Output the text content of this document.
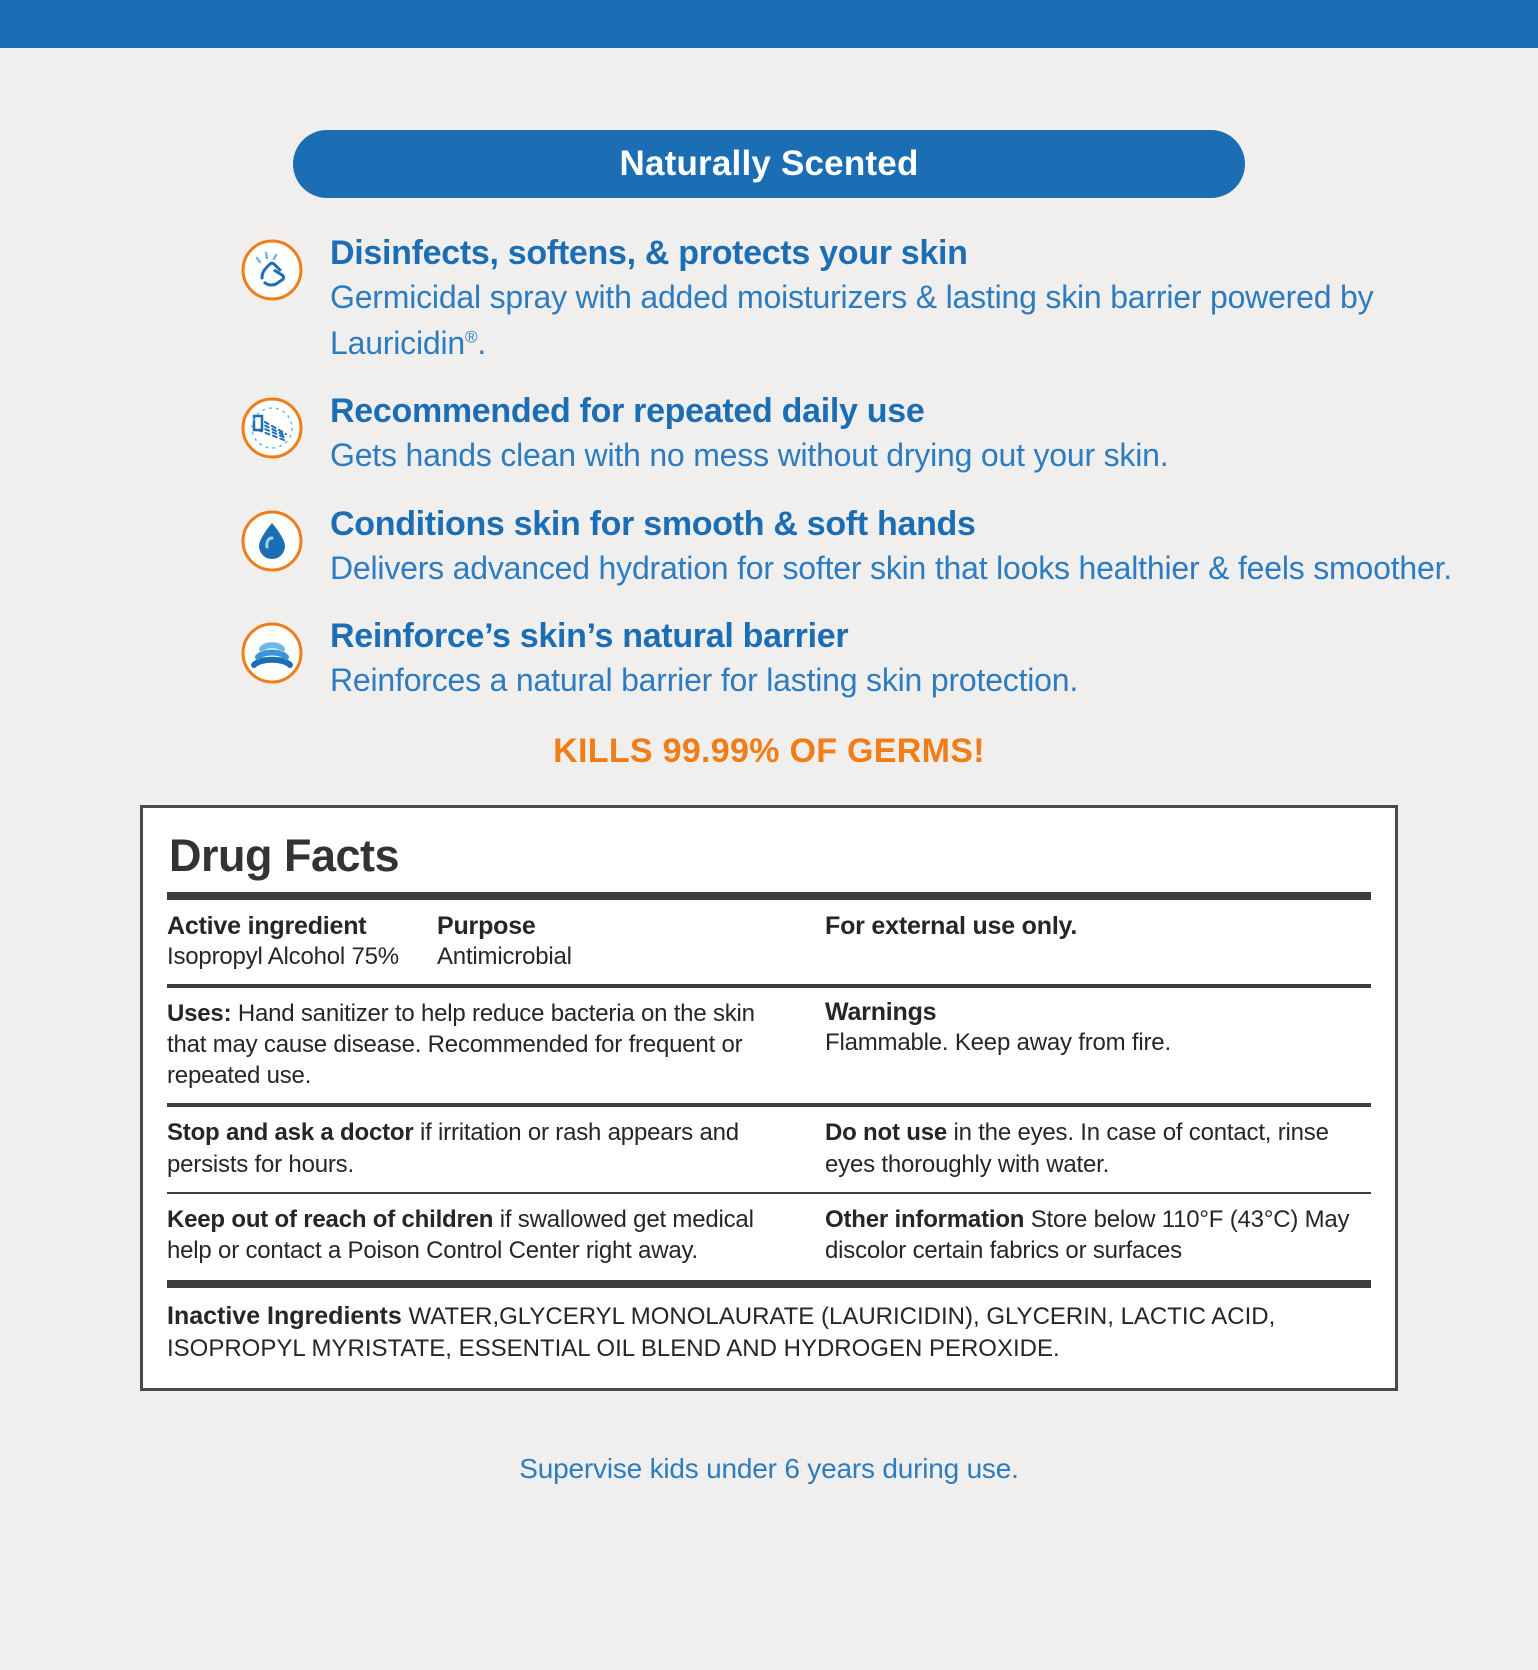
Naturally Scented
Disinfects, softens, & protects your skin

Germicidal spray with added moisturizers & lasting skin barrier powered by Lauricidin®.

Recommended for repeated daily use

Gets hands clean with no mess without drying out your skin.

Conditions skin for smooth & soft hands

Delivers advanced hydration for softer skin that looks healthier & feels smoother.

Reinforce’s skin’s natural barrier

Reinforces a natural barrier for lasting skin protection.

KILLS 99.99% OF GERMS!
Drug Facts
Active ingredient
Isopropyl Alcohol 75%
Purpose
Antimicrobial
For external use only.
Uses: Hand sanitizer to help reduce bacteria on the skin that may cause disease. Recommended for frequent or repeated use.
Warnings
Flammable. Keep away from fire.
Stop and ask a doctor if irritation or rash appears and persists for hours.
Do not use in the eyes. In case of contact, rinse eyes thoroughly with water.
Keep out of reach of children if swallowed get medical help or contact a Poison Control Center right away.
Other information Store below 110°F (43°C) May discolor certain fabrics or surfaces
Inactive Ingredients WATER,GLYCERYL MONOLAURATE (LAURICIDIN), GLYCERIN, LACTIC ACID, ISOPROPYL MYRISTATE, ESSENTIAL OIL BLEND AND HYDROGEN PEROXIDE.
Supervise kids under 6 years during use.
